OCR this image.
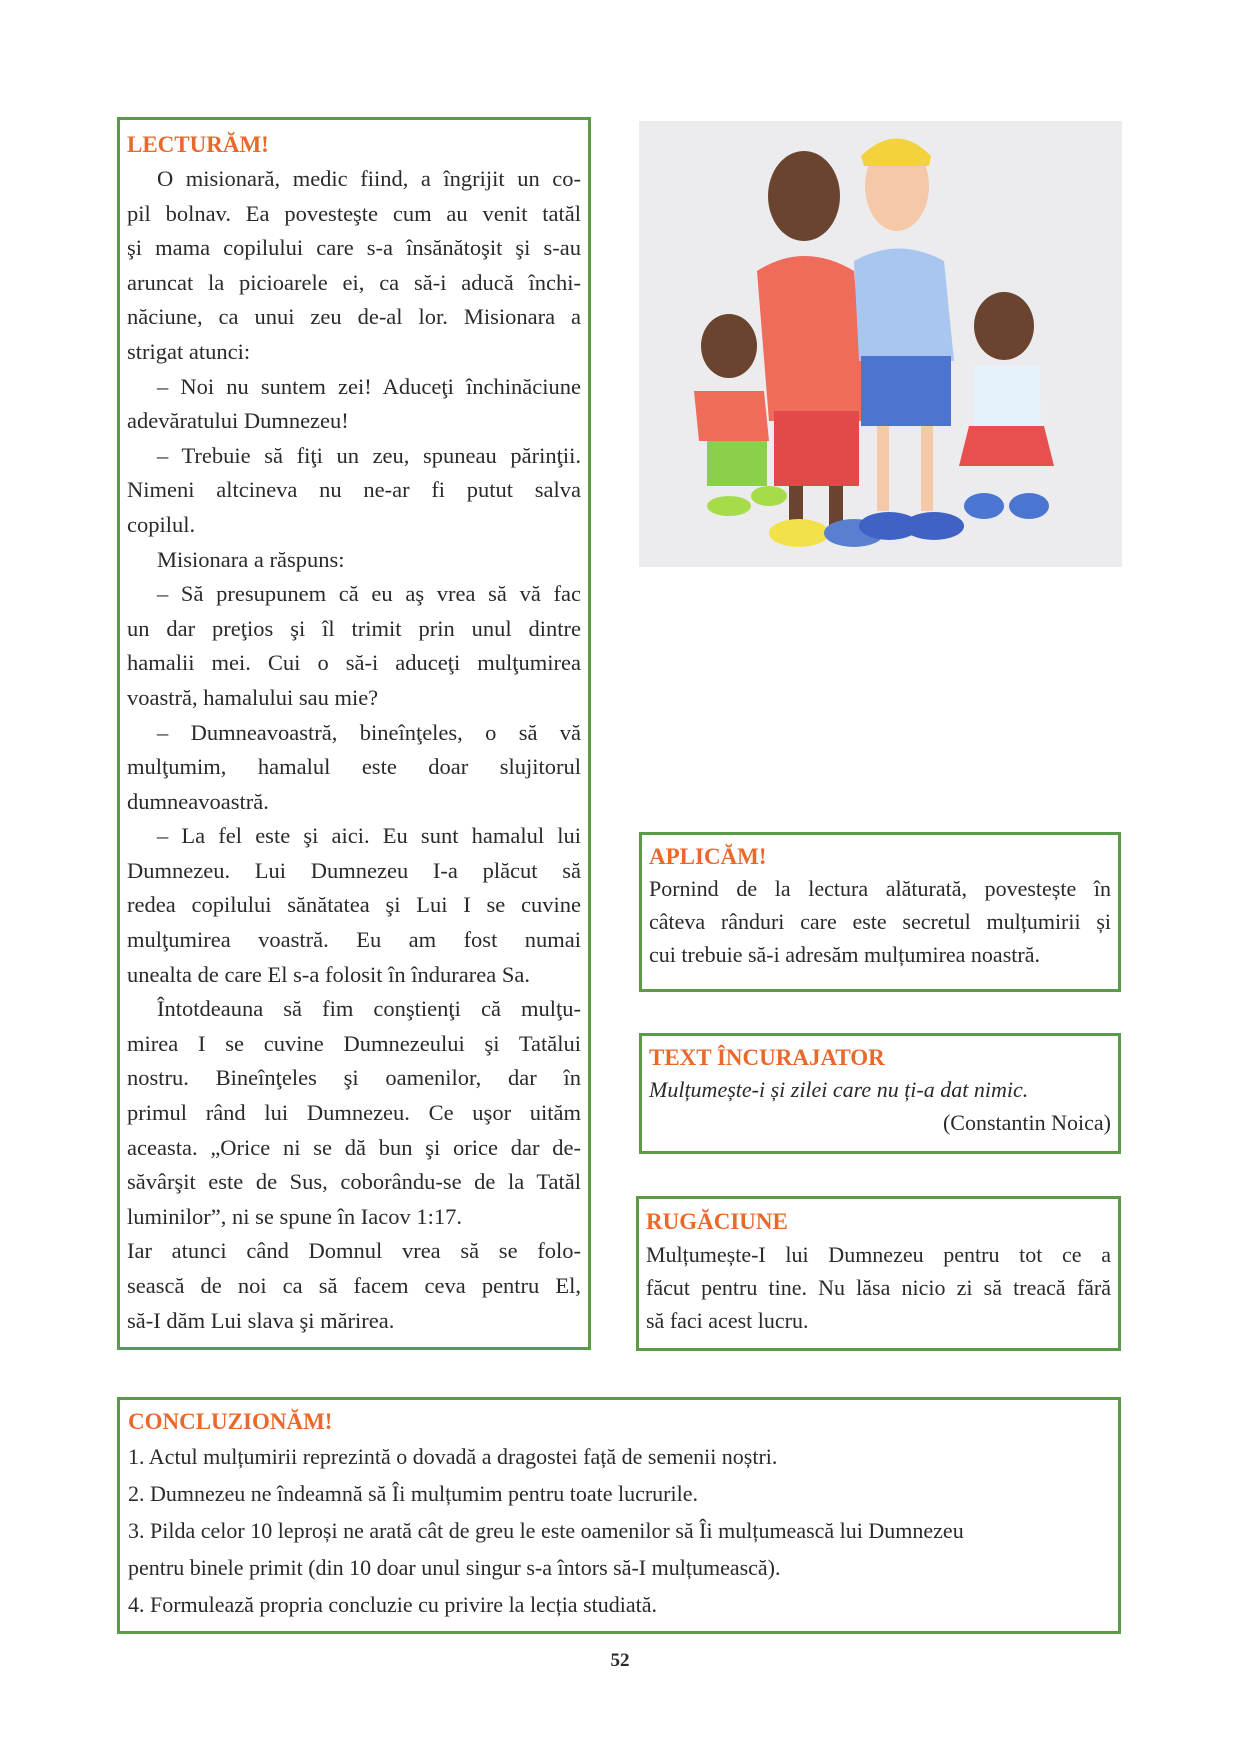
LECTURĂM!
O misionară, medic fiind, a îngrijit un co-
pil bolnav. Ea povesteşte cum au venit tatăl
şi mama copilului care s-a însănătoşit şi s-au
aruncat la picioarele ei, ca să-i aducă închi-
năciune, ca unui zeu de-al lor. Misionara a
strigat atunci:
– Noi nu suntem zei! Aduceţi închinăciune
adevăratului Dumnezeu!
– Trebuie să fiţi un zeu, spuneau părinţii.
Nimeni altcineva nu ne-ar fi putut salva
copilul.
Misionara a răspuns:
– Să presupunem că eu aş vrea să vă fac
un dar preţios şi îl trimit prin unul dintre
hamalii mei. Cui o să-i aduceţi mulţumirea
voastră, hamalului sau mie?
– Dumneavoastră, bineînţeles, o să vă
mulţumim, hamalul este doar slujitorul
dumneavoastră.
– La fel este şi aici. Eu sunt hamalul lui
Dumnezeu. Lui Dumnezeu I-a plăcut să
redea copilului sănătatea şi Lui I se cuvine
mulţumirea voastră. Eu am fost numai
unealta de care El s-a folosit în îndurarea Sa.
Întotdeauna să fim conştienţi că mulţu-
mirea I se cuvine Dumnezeului şi Tatălui
nostru. Bineînţeles şi oamenilor, dar în
primul rând lui Dumnezeu. Ce uşor uităm
aceasta. „Orice ni se dă bun şi orice dar de-
săvârşit este de Sus, coborându-se de la Tatăl
luminilor”, ni se spune în Iacov 1:17.
Iar atunci când Domnul vrea să se folo-
sească de noi ca să facem ceva pentru El,
să-I dăm Lui slava şi mărirea.
APLICĂM!
Pornind de la lectura alăturată, povestește în
câteva rânduri care este secretul mulțumirii și
cui trebuie să-i adresăm mulțumirea noastră.
TEXT ÎNCURAJATOR
Mulțumește-i și zilei care nu ți-a dat nimic.
(Constantin Noica)
RUGĂCIUNE
Mulțumește-I lui Dumnezeu pentru tot ce a
făcut pentru tine. Nu lăsa nicio zi să treacă fără
să faci acest lucru.
CONCLUZIONĂM!
1. Actul mulțumirii reprezintă o dovadă a dragostei față de semenii noștri.
2. Dumnezeu ne îndeamnă să Îi mulțumim pentru toate lucrurile.
3. Pilda celor 10 leproși ne arată cât de greu le este oamenilor să Îi mulțumească lui Dumnezeu
pentru binele primit (din 10 doar unul singur s-a întors să-I mulțumească).
4. Formulează propria concluzie cu privire la lecția studiată.
52
